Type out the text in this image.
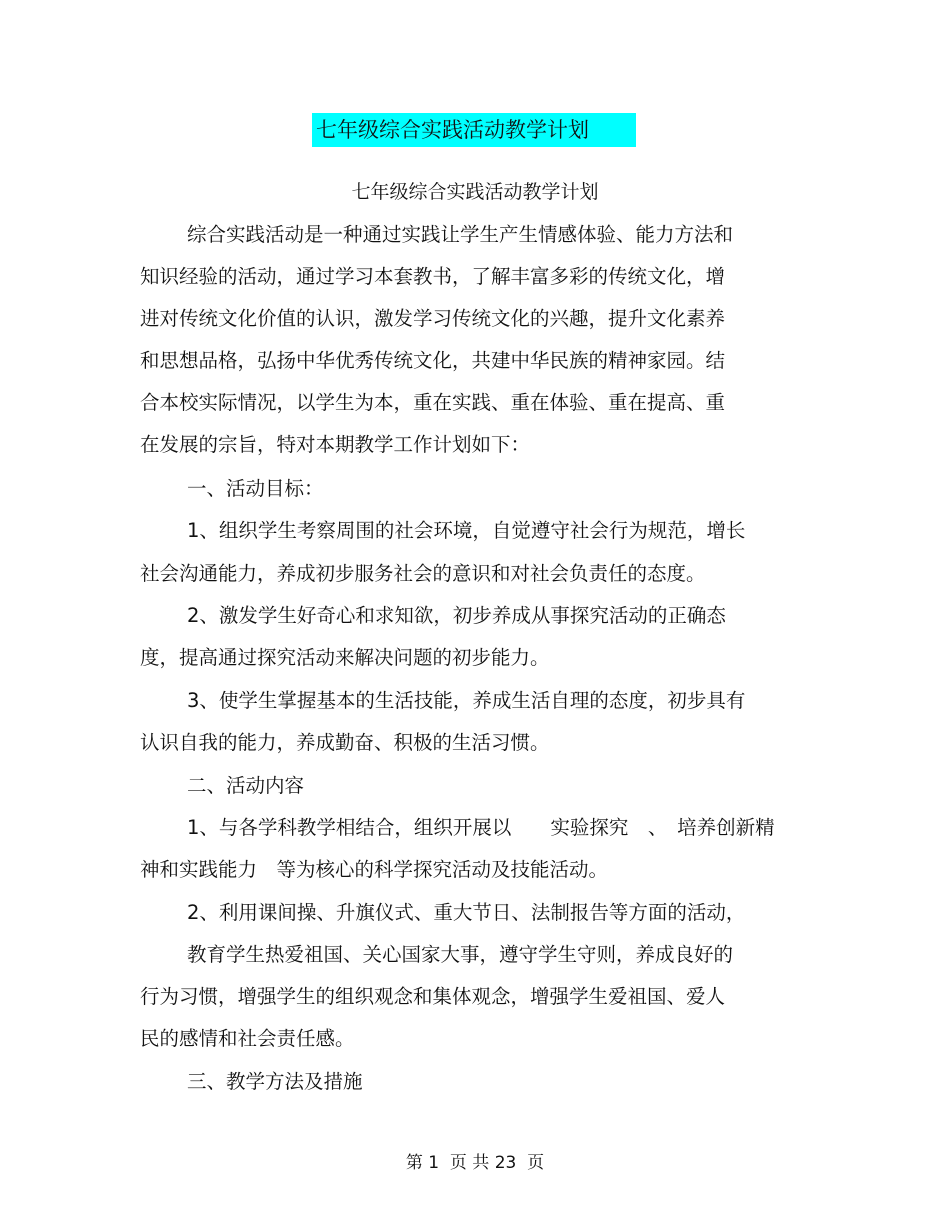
七年级综合实践活动教学计划
七年级综合实践活动教学计划
综合实践活动是一种通过实践让学生产生情感体验、能力方法和
知识经验的活动，通过学习本套教书，了解丰富多彩的传统文化，增
进对传统文化价值的认识，激发学习传统文化的兴趣，提升文化素养
和思想品格，弘扬中华优秀传统文化，共建中华民族的精神家园。结
合本校实际情况，以学生为本，重在实践、重在体验、重在提高、重
在发展的宗旨，特对本期教学工作计划如下：
一、活动目标：
1、组织学生考察周围的社会环境，自觉遵守社会行为规范，增长
社会沟通能力，养成初步服务社会的意识和对社会负责任的态度。
2、激发学生好奇心和求知欲，初步养成从事探究活动的正确态
度，提高通过探究活动来解决问题的初步能力。
3、使学生掌握基本的生活技能，养成生活自理的态度，初步具有
认识自我的能力，养成勤奋、积极的生活习惯。
二、活动内容
1、与各学科教学相结合，组织开展以　　实验探究　、　培养创新精
神和实践能力　等为核心的科学探究活动及技能活动。
2、利用课间操、升旗仪式、重大节日、法制报告等方面的活动，
教育学生热爱祖国、关心国家大事，遵守学生守则，养成良好的
行为习惯，增强学生的组织观念和集体观念，增强学生爱祖国、爱人
民的感情和社会责任感。
三、教学方法及措施
第 1  页 共 23  页
